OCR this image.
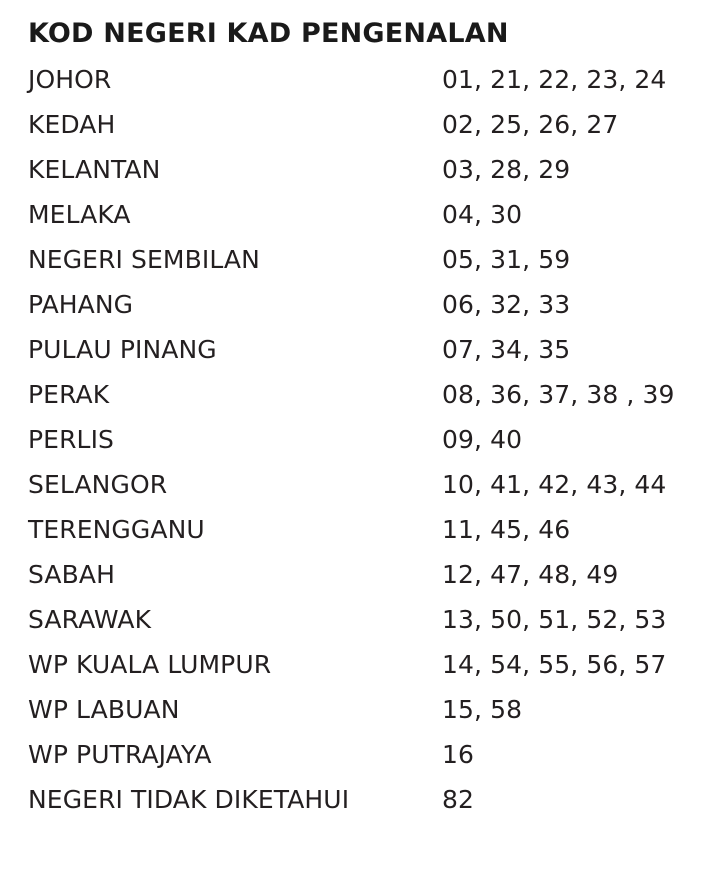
KOD NEGERI KAD PENGENALAN
JOHOR	01, 21, 22, 23, 24
KEDAH	02, 25, 26, 27
KELANTAN	03, 28, 29
MELAKA	04, 30
NEGERI SEMBILAN	05, 31, 59
PAHANG	06, 32, 33
PULAU PINANG	07, 34, 35
PERAK	08, 36, 37, 38 , 39
PERLIS	09, 40
SELANGOR	10, 41, 42, 43, 44
TERENGGANU	11, 45, 46
SABAH	12, 47, 48, 49
SARAWAK	13, 50, 51, 52, 53
WP KUALA LUMPUR	14, 54, 55, 56, 57
WP LABUAN	15, 58
WP PUTRAJAYA	16
NEGERI TIDAK DIKETAHUI	82
